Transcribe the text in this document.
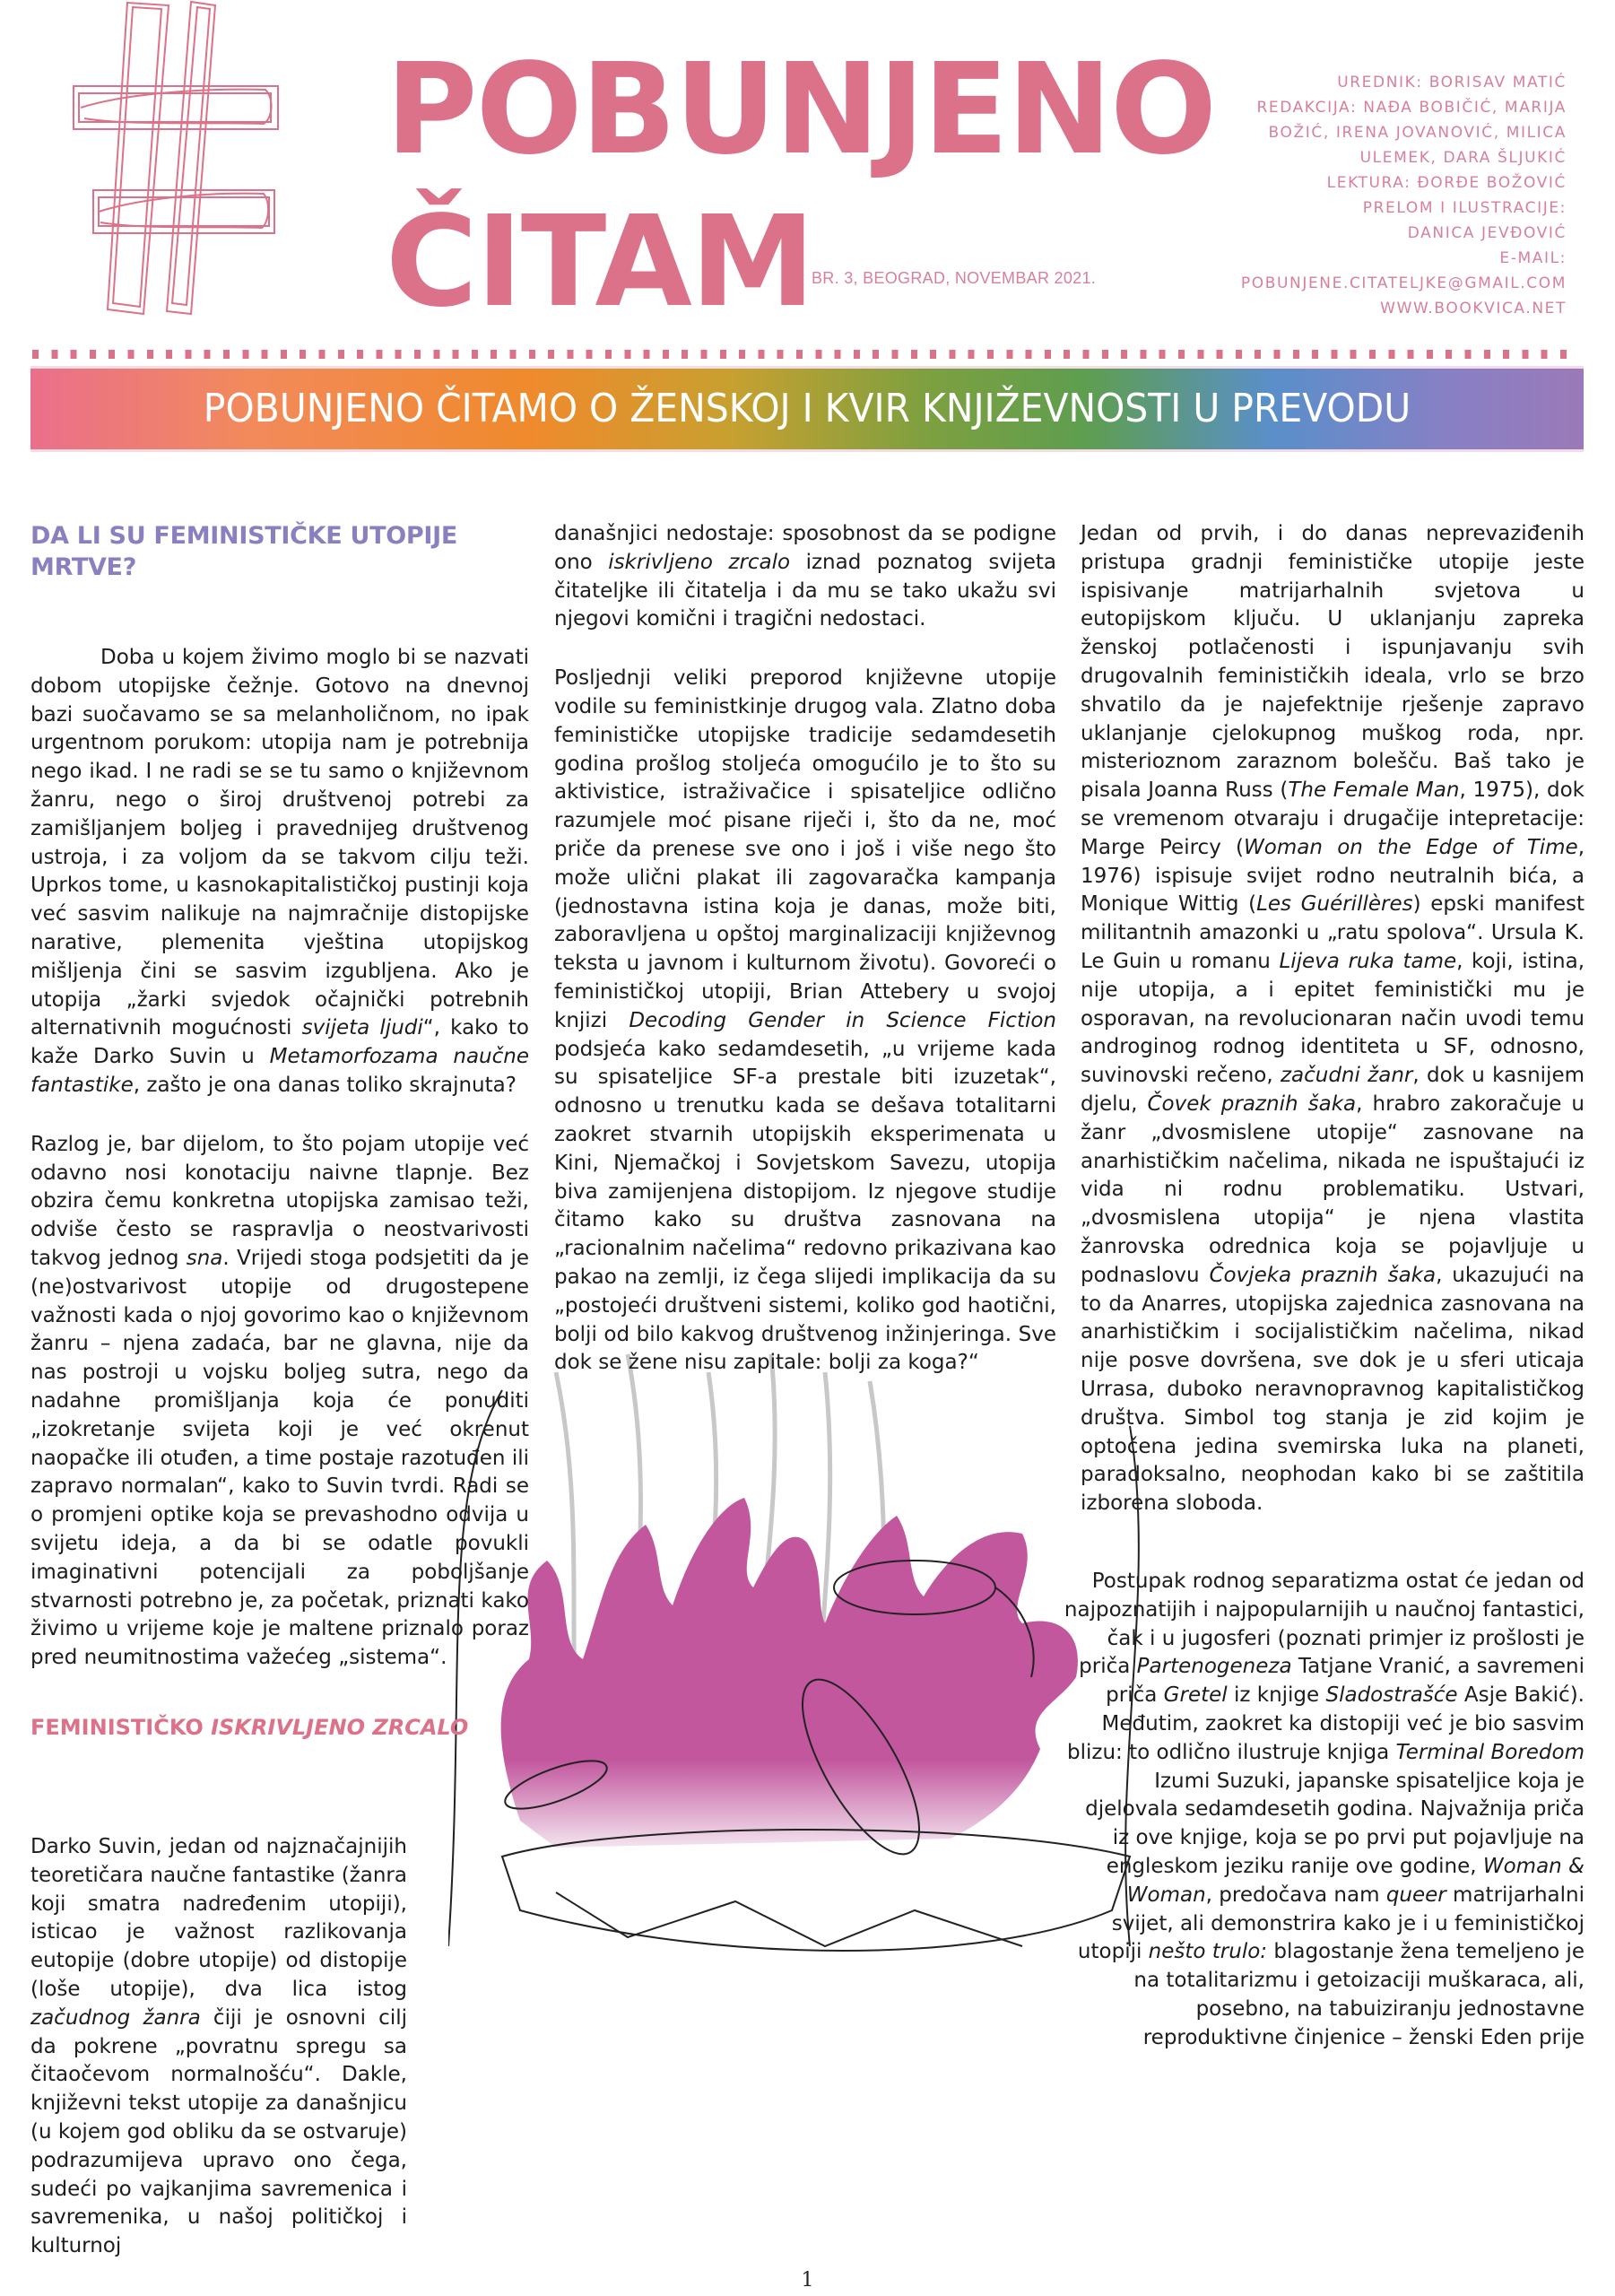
POBUNJENO
ČITAM
BR. 3, BEOGRAD, NOVEMBAR 2021.
UREDNIK: BORISAV MATIĆ
REDAKCIJA: NAĐA BOBIČIĆ, MARIJA
BOŽIĆ, IRENA JOVANOVIĆ, MILICA
ULEMEK, DARA ŠLJUKIĆ
LEKTURA: ĐORĐE BOŽOVIĆ
PRELOM I ILUSTRACIJE:
DANICA JEVĐOVIĆ
E-MAIL:
POBUNJENE.CITATELJKE@GMAIL.COM
WWW.BOOKVICA.NET
POBUNJENO ČITAMO O ŽENSKOJ I KVIR KNJIŽEVNOSTI U PREVODU
DA LI SU FEMINISTIČKE UTOPIJE MRTVE?

Doba u kojem živimo moglo bi se nazvati dobom utopijske čežnje. Gotovo na dnevnoj bazi suočavamo se sa melanholičnom, no ipak urgentnom porukom: utopija nam je potrebnija nego ikad. I ne radi se se tu samo o književnom žanru, nego o široj društvenoj potrebi za zamišljanjem boljeg i pravednijeg društvenog ustroja, i za voljom da se takvom cilju teži. Uprkos tome, u kasnokapitalističkoj pustinji koja već sasvim nalikuje na najmračnije distopijske narative, plemenita vještina utopijskog mišljenja čini se sasvim izgubljena. Ako je utopija „žarki svjedok očajnički potrebnih alternativnih mogućnosti svijeta ljudi“, kako to kaže Darko Suvin u Metamorfozama naučne fantastike, zašto je ona danas toliko skrajnuta?

Razlog je, bar dijelom, to što pojam utopije već odavno nosi konotaciju naivne tlapnje. Bez obzira čemu konkretna utopijska zamisao teži, odviše često se raspravlja o neostvarivosti takvog jednog sna. Vrijedi stoga podsjetiti da je (ne)ostvarivost utopije od drugostepene važnosti kada o njoj govorimo kao o književnom žanru – njena zadaća, bar ne glavna, nije da nas postroji u vojsku boljeg sutra, nego da nadahne promišljanja koja će ponuditi „izokretanje svijeta koji je već okrenut naopačke ili otuđen, a time postaje razotuđen ili zapravo normalan“, kako to Suvin tvrdi. Radi se o promjeni optike koja se prevashodno odvija u svijetu ideja, a da bi se odatle povukli imaginativni potencijali za poboljšanje stvarnosti potrebno je, za početak, priznati kako živimo u vrijeme koje je maltene priznalo poraz pred neumitnostima važećeg „sistema“.

FEMINISTIČKO ISKRIVLJENO ZRCALO

Darko Suvin, jedan od najznačajnijih teoretičara naučne fantastike (žanra koji smatra nadređenim utopiji), isticao je važnost razlikovanja eutopije (dobre utopije) od distopije (loše utopije), dva lica istog začudnog žanra čiji je osnovni cilj da pokrene „povratnu spregu sa čitaočevom normalnošću“. Dakle, književni tekst utopije za današnjicu (u kojem god obliku da se ostvaruje) podrazumijeva upravo ono čega, sudeći po vajkanjima savremenica i savremenika, u našoj političkoj i kulturnoj

današnjici nedostaje: sposobnost da se podigne ono iskrivljeno zrcalo iznad poznatog svijeta čitateljke ili čitatelja i da mu se tako ukažu svi njegovi komični i tragični nedostaci.

Posljednji veliki preporod književne utopije vodile su feministkinje drugog vala. Zlatno doba feminističke utopijske tradicije sedamdesetih godina prošlog stoljeća omogućilo je to što su aktivistice, istraživačice i spisateljice odlično razumjele moć pisane riječi i, što da ne, moć priče da prenese sve ono i još i više nego što može ulični plakat ili zagovaračka kampanja (jednostavna istina koja je danas, može biti, zaboravljena u opštoj marginalizaciji književnog teksta u javnom i kulturnom životu). Govoreći o feminističkoj utopiji, Brian Attebery u svojoj knjizi Decoding Gender in Science Fiction podsjeća kako sedamdesetih, „u vrijeme kada su spisateljice SF-a prestale biti izuzetak“, odnosno u trenutku kada se dešava totalitarni zaokret stvarnih utopijskih eksperimenata u Kini, Njemačkoj i Sovjetskom Savezu, utopija biva zamijenjena distopijom. Iz njegove studije čitamo kako su društva zasnovana na „racionalnim načelima“ redovno prikazivana kao pakao na zemlji, iz čega slijedi implikacija da su „postojeći društveni sistemi, koliko god haotični, bolji od bilo kakvog društvenog inžinjeringa. Sve dok se žene nisu zapitale: bolji za koga?“

Jedan od prvih, i do danas neprevaziđenih pristupa gradnji feminističke utopije jeste ispisivanje matrijarhalnih svjetova u eutopijskom ključu. U uklanjanju zapreka ženskoj potlačenosti i ispunjavanju svih drugovalnih feminističkih ideala, vrlo se brzo shvatilo da je najefektnije rješenje zapravo uklanjanje cjelokupnog muškog roda, npr. misterioznom zaraznom bolešču. Baš tako je pisala Joanna Russ (The Female Man, 1975), dok se vremenom otvaraju i drugačije intepretacije: Marge Peircy (Woman on the Edge of Time, 1976) ispisuje svijet rodno neutralnih bića, a Monique Wittig (Les Guérillères) epski manifest militantnih amazonki u „ratu spolova“. Ursula K. Le Guin u romanu Lijeva ruka tame, koji, istina, nije utopija, a i epitet feministički mu je osporavan, na revolucionaran način uvodi temu androginog rodnog identiteta u SF, odnosno, suvinovski rečeno, začudni žanr, dok u kasnijem djelu, Čovek praznih šaka, hrabro zakoračuje u žanr „dvosmislene utopije“ zasnovane na anarhističkim načelima, nikada ne ispuštajući iz vida ni rodnu problematiku. Ustvari, „dvosmislena utopija“ je njena vlastita žanrovska odrednica koja se pojavljuje u podnaslovu Čovjeka praznih šaka, ukazujući na to da Anarres, utopijska zajednica zasnovana na anarhističkim i socijalističkim načelima, nikad nije posve dovršena, sve dok je u sferi uticaja Urrasa, duboko neravnopravnog kapitalističkog društva. Simbol tog stanja je zid kojim je optočena jedina svemirska luka na planeti, paradoksalno, neophodan kako bi se zaštitila izborena sloboda.

Postupak rodnog separatizma ostat će jedan od najpoznatijih i najpopularnijih u naučnoj fantastici, čak i u jugosferi (poznati primjer iz prošlosti je priča Partenogeneza Tatjane Vranić, a savremeni priča Gretel iz knjige Sladostrašće Asje Bakić). Međutim, zaokret ka distopiji već je bio sasvim blizu: to odlično ilustruje knjiga Terminal Boredom Izumi Suzuki, japanske spisateljice koja je djelovala sedamdesetih godina. Najvažnija priča iz ove knjige, koja se po prvi put pojavljuje na engleskom jeziku ranije ove godine, Woman & Woman, predočava nam queer matrijarhalni svijet, ali demonstrira kako je i u feminističkoj utopiji nešto trulo: blagostanje žena temeljeno je na totalitarizmu i getoizaciji muškaraca, ali, posebno, na tabuiziranju jednostavne reproduktivne činjenice – ženski Eden prije

1
